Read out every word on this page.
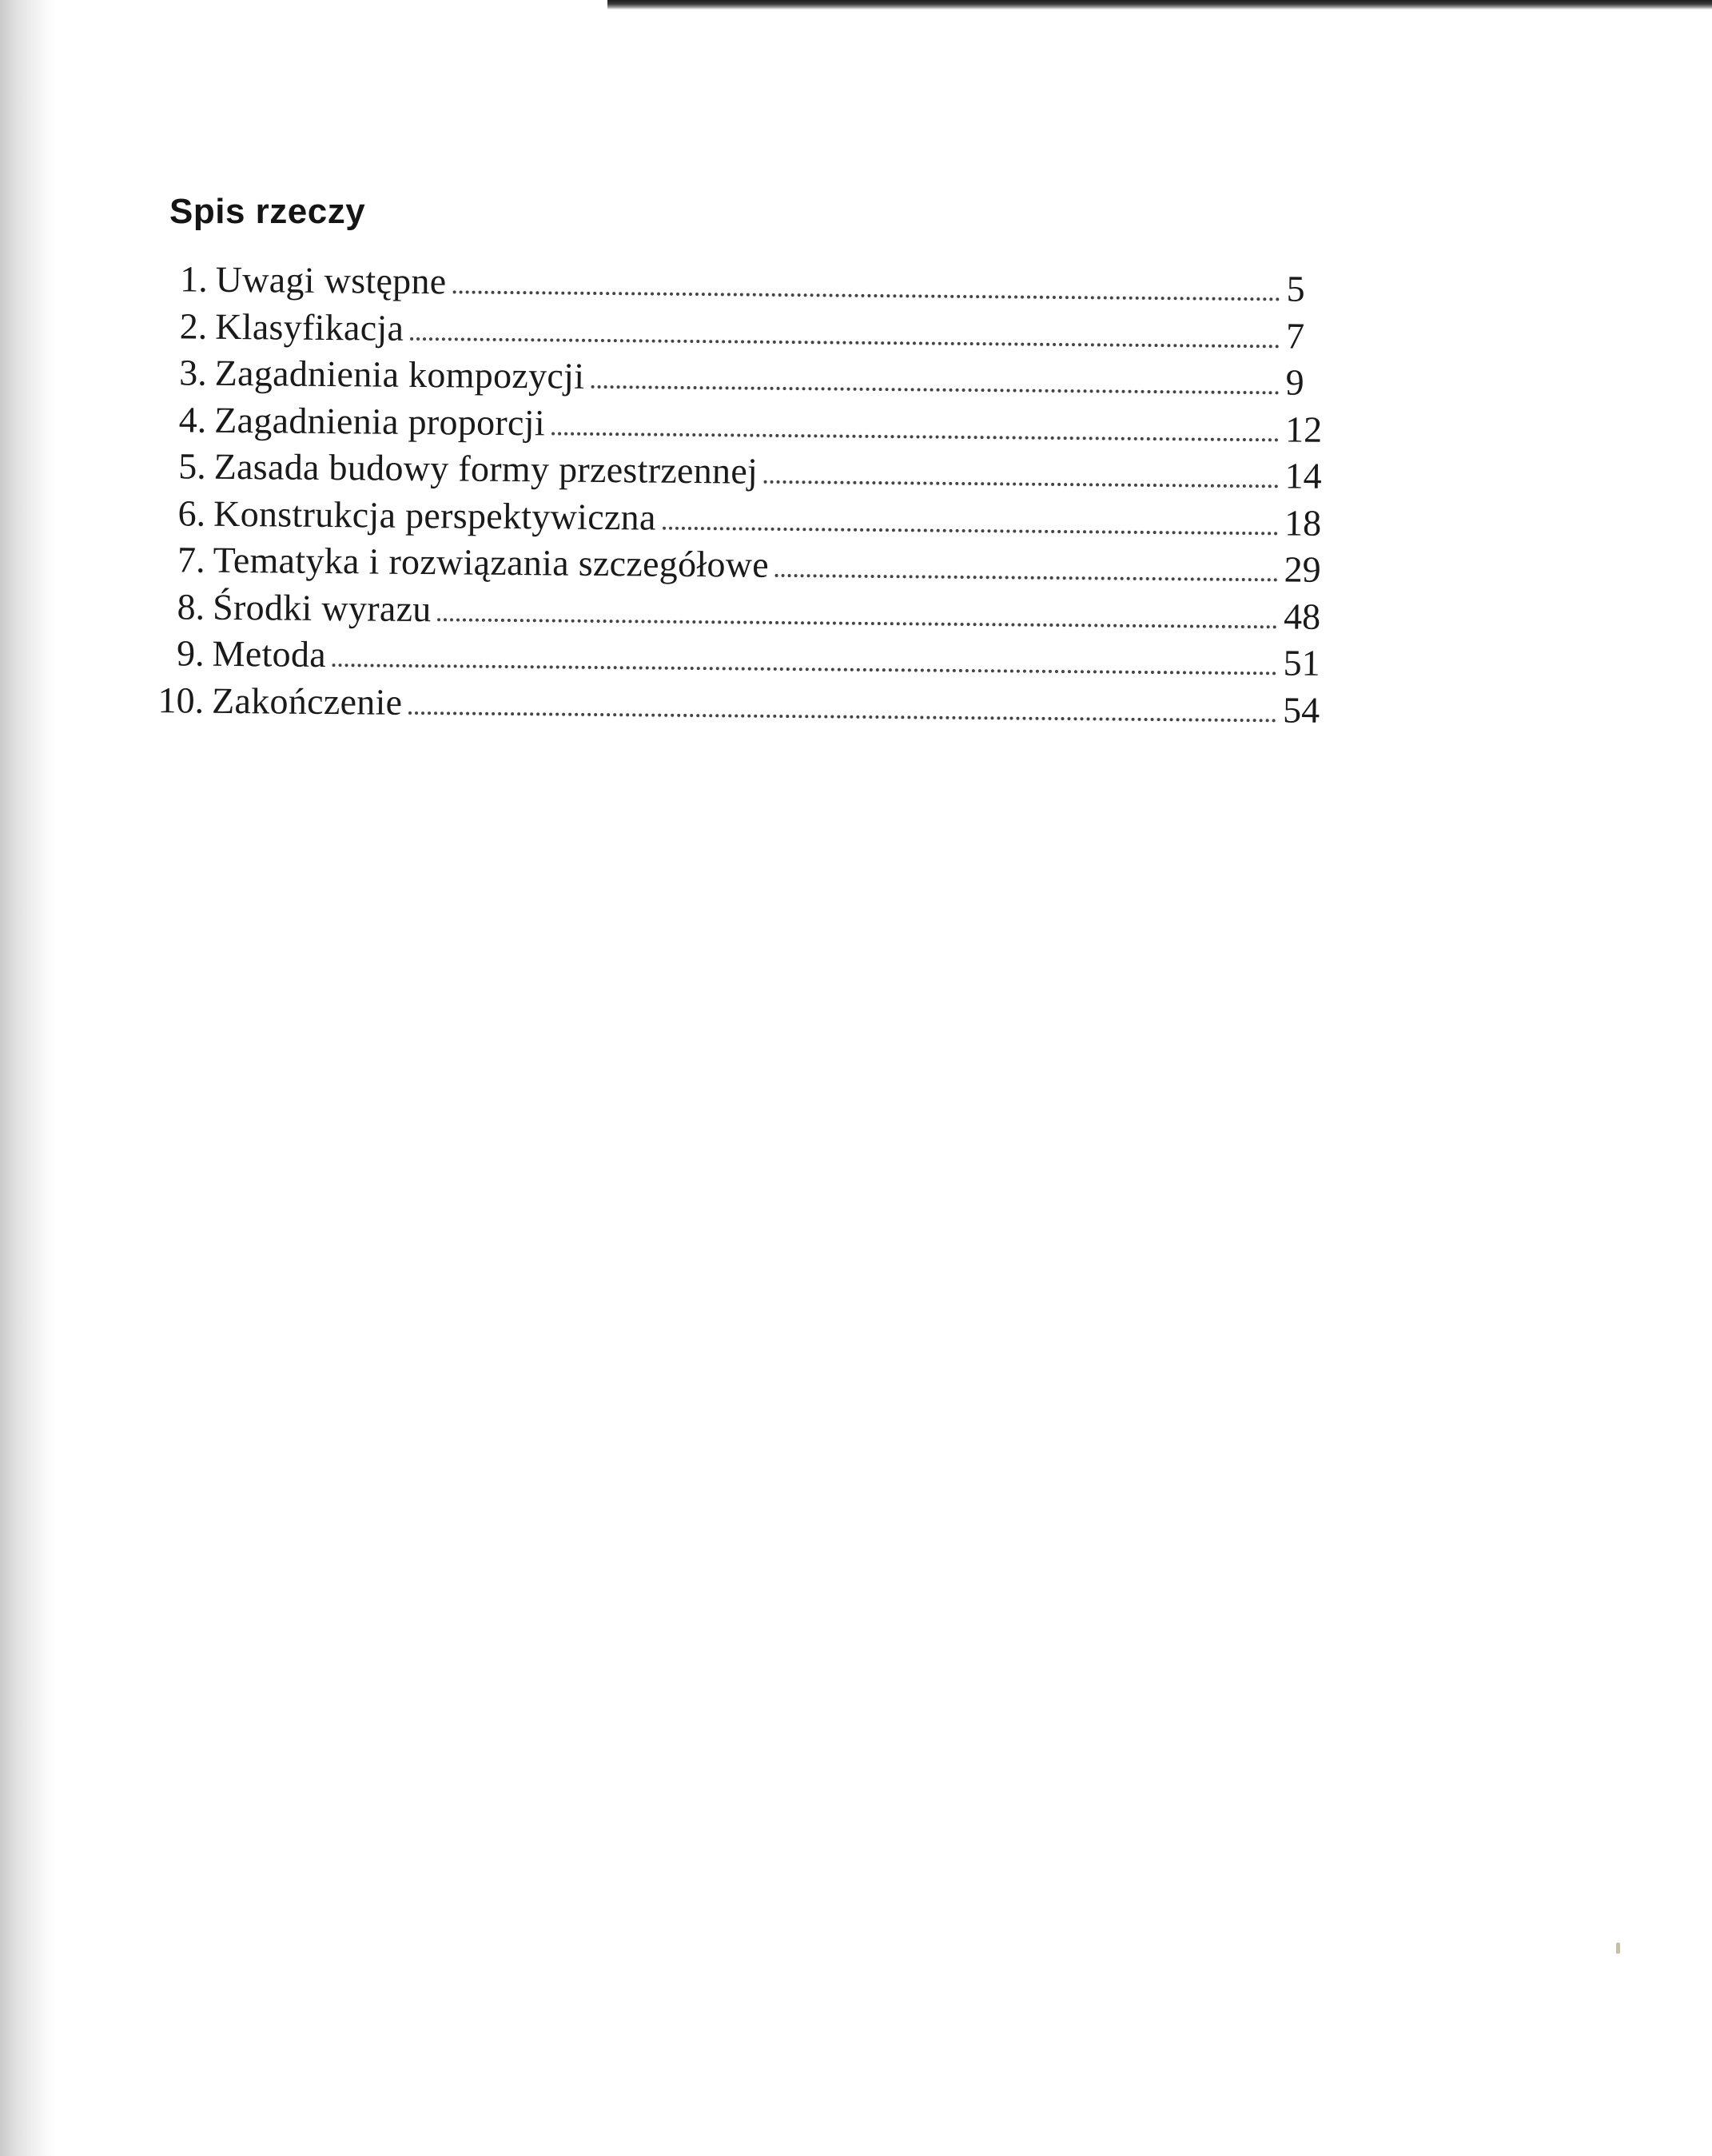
Spis rzeczy
1. Uwagi wstępne	5
2. Klasyfikacja	7
3. Zagadnienia kompozycji	9
4. Zagadnienia proporcji	12
5. Zasada budowy formy przestrzennej	14
6. Konstrukcja perspektywiczna	18
7. Tematyka i rozwiązania szczegółowe	29
8. Środki wyrazu	48
9. Metoda	51
10. Zakończenie	54
